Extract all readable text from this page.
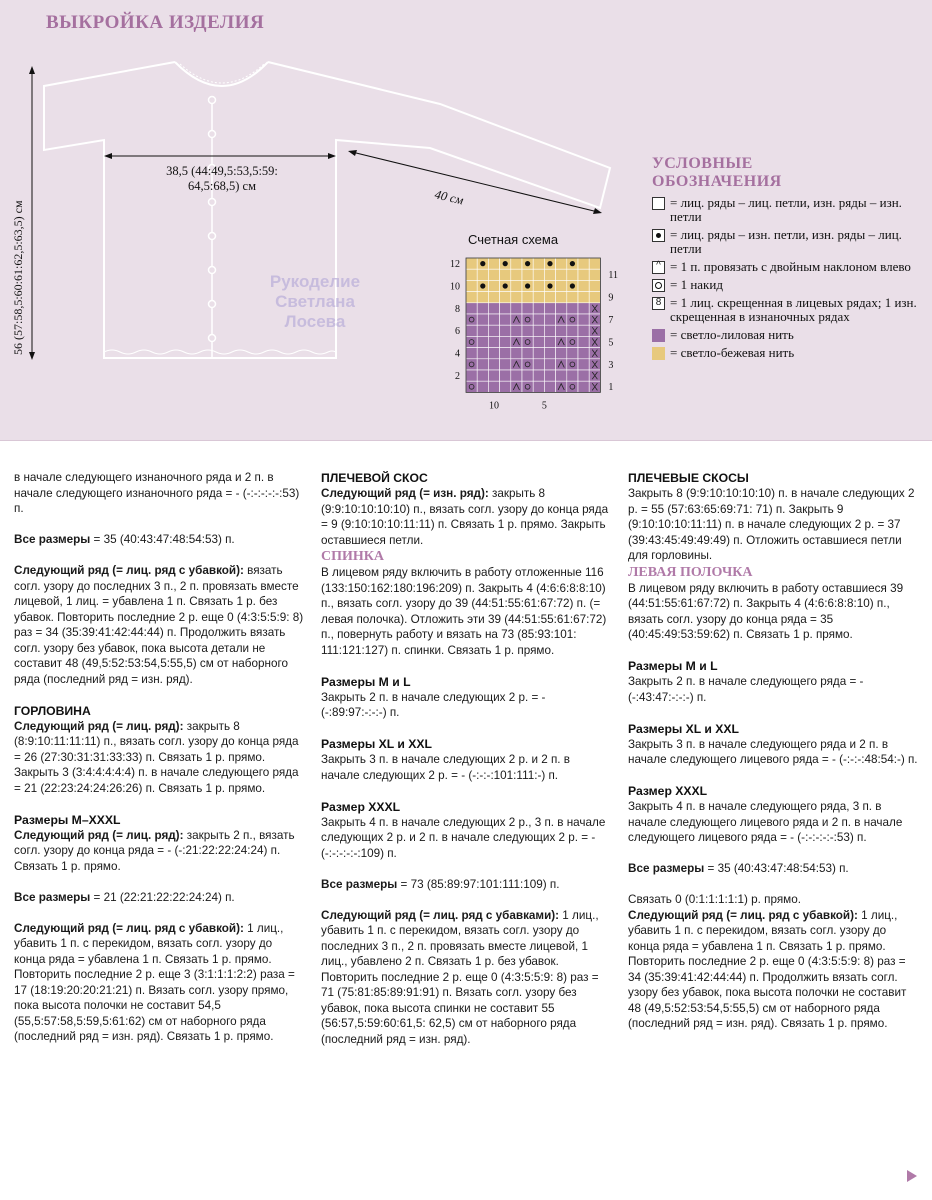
ВЫКРОЙКА ИЗДЕЛИЯ
38,5 (44:49,5:53,5:59:
64,5:68,5) см
56 (57:58,5:60:61:62,5:63,5) см
40 см
12
10
8
6
4
2
11
9
7
5
3
1
10	5
Рукоделие
Светлана
Лосева
Счетная схема
УСЛОВНЫЕ
ОБОЗНАЧЕНИЯ
= лиц. ряды – лиц. петли, изн. ряды – изн. петли
= лиц. ряды – изн. петли, изн. ряды – лиц. петли
^ = 1 п. провязать с двойным наклоном влево
= 1 накид
8 = 1 лиц. скрещенная в лицевых рядах; 1 изн. скрещенная в изнаночных рядах
= светло-лиловая нить
= светло-бежевая нить

в начале следующего изнаночного ряда и 2 п. в начале следующего изнаночного ряда = - (-:-:-:-:-:53) п.

Все размеры = 35 (40:43:47:48:54:53) п.

Следующий ряд (= лиц. ряд с убавкой): вязать согл. узору до последних 3 п., 2 п. провязать вместе лицевой, 1 лиц. = убавлена 1 п. Связать 1 р. без убавок. Повторить последние 2 р. еще 0 (4:3:5:5:9: 8) раз = 34 (35:39:41:42:44:44) п. Продолжить вязать согл. узору без убавок, пока высота детали не составит 48 (49,5:52:53:54,5:55,5) см от наборного ряда (последний ряд = изн. ряд).

ГОРЛОВИНА

Следующий ряд (= лиц. ряд): закрыть 8 (8:9:10:11:11:11) п., вязать согл. узору до конца ряда = 26 (27:30:31:31:33:33) п. Связать 1 р. прямо. Закрыть 3 (3:4:4:4:4:4) п. в начале следующего ряда = 21 (22:23:24:24:26:26) п. Связать 1 р. прямо.

Размеры M–XXXL

Следующий ряд (= лиц. ряд): закрыть 2 п., вязать согл. узору до конца ряда = - (-:21:22:22:24:24) п. Связать 1 р. прямо.

Все размеры = 21 (22:21:22:22:24:24) п.

Следующий ряд (= лиц. ряд с убавкой): 1 лиц., убавить 1 п. с перекидом, вязать согл. узору до конца ряда = убавлена 1 п. Связать 1 р. прямо. Повторить последние 2 р. еще 3 (3:1:1:1:2:2) раза = 17 (18:19:20:20:21:21) п. Вязать согл. узору прямо, пока высота полочки не составит 54,5 (55,5:57:58,5:59,5:61:62) см от наборного ряда (последний ряд = изн. ряд). Связать 1 р. прямо.

ПЛЕЧЕВОЙ СКОС

Следующий ряд (= изн. ряд): закрыть 8 (9:9:10:10:10:10) п., вязать согл. узору до конца ряда = 9 (9:10:10:10:11:11) п. Связать 1 р. прямо. Закрыть оставшиеся петли.

СПИНКА

В лицевом ряду включить в работу отложенные 116 (133:150:162:180:196:209) п. Закрыть 4 (4:6:6:8:8:10) п., вязать согл. узору до 39 (44:51:55:61:67:72) п. (= левая полочка). Отложить эти 39 (44:51:55:61:67:72) п., повернуть работу и вязать на 73 (85:93:101: 111:121:127) п. спинки. Связать 1 р. прямо.

Размеры M и L

Закрыть 2 п. в начале следующих 2 р. = - (-:89:97:-:-:-) п.

Размеры XL и XXL

Закрыть 3 п. в начале следующих 2 р. и 2 п. в начале следующих 2 р. = - (-:-:-:101:111:-) п.

Размер XXXL

Закрыть 4 п. в начале следующих 2 р., 3 п. в начале следующих 2 р. и 2 п. в начале следующих 2 р. = - (-:-:-:-:-:109) п.

Все размеры = 73 (85:89:97:101:111:109) п.

Следующий ряд (= лиц. ряд с убавками): 1 лиц., убавить 1 п. с перекидом, вязать согл. узору до последних 3 п., 2 п. провязать вместе лицевой, 1 лиц., убавлено 2 п. Связать 1 р. без убавок. Повторить последние 2 р. еще 0 (4:3:5:5:9: 8) раз = 71 (75:81:85:89:91:91) п. Вязать согл. узору без убавок, пока высота спинки не составит 55 (56:57,5:59:60:61,5: 62,5) см от наборного ряда (последний ряд = изн. ряд).

ПЛЕЧЕВЫЕ СКОСЫ

Закрыть 8 (9:9:10:10:10:10) п. в начале следующих 2 р. = 55 (57:63:65:69:71: 71) п. Закрыть 9 (9:10:10:10:11:11) п. в начале следующих 2 р. = 37 (39:43:45:49:49:49) п. Отложить оставшиеся петли для горловины.

ЛЕВАЯ ПОЛОЧКА

В лицевом ряду включить в работу оставшиеся 39 (44:51:55:61:67:72) п. Закрыть 4 (4:6:6:8:8:10) п., вязать согл. узору до конца ряда = 35 (40:45:49:53:59:62) п. Связать 1 р. прямо.

Размеры M и L

Закрыть 2 п. в начале следующего ряда = - (-:43:47:-:-:-) п.

Размеры XL и XXL

Закрыть 3 п. в начале следующего ряда и 2 п. в начале следующего лицевого ряда = - (-:-:-:48:54:-) п.

Размер XXXL

Закрыть 4 п. в начале следующего ряда, 3 п. в начале следующего лицевого ряда и 2 п. в начале следующего лицевого ряда = - (-:-:-:-:-:53) п.

Все размеры = 35 (40:43:47:48:54:53) п.

Связать 0 (0:1:1:1:1:1) р. прямо.

Следующий ряд (= лиц. ряд с убавкой): 1 лиц., убавить 1 п. с перекидом, вязать согл. узору до конца ряда = убавлена 1 п. Связать 1 р. прямо. Повторить последние 2 р. еще 0 (4:3:5:5:9: 8) раз = 34 (35:39:41:42:44:44) п. Продолжить вязать согл. узору без убавок, пока высота полочки не составит 48 (49,5:52:53:54,5:55,5) см от наборного ряда (последний ряд = изн. ряд). Связать 1 р. прямо.
